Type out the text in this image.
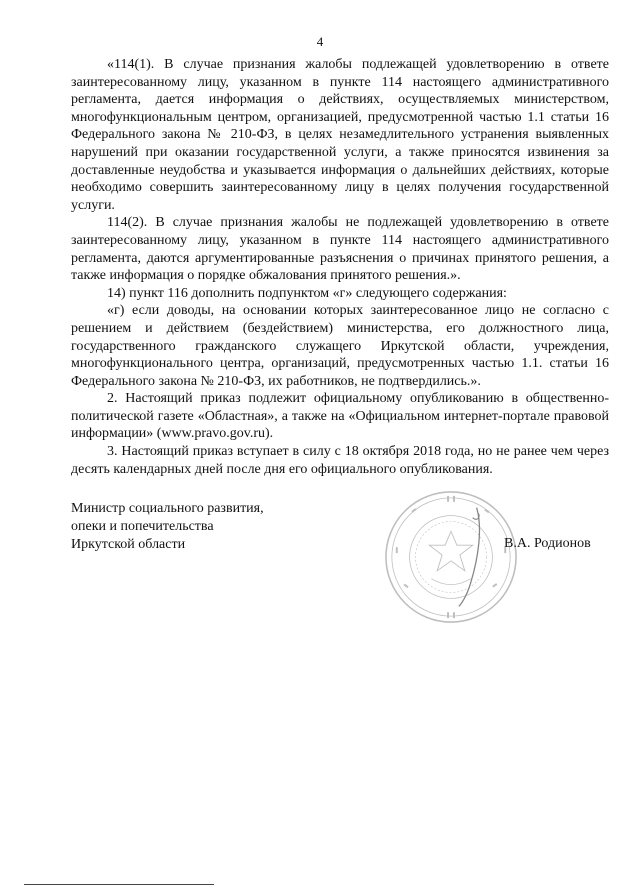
4

«114(1). В случае признания жалобы подлежащей удовлетворению в ответе заинтересованному лицу, указанном в пункте 114 настоящего административного регламента, дается информация о действиях, осуществляемых министерством, многофункциональным центром, организацией, предусмотренной частью 1.1 статьи 16 Федерального закона № 210-ФЗ, в целях незамедлительного устранения выявленных нарушений при оказании государственной услуги, а также приносятся извинения за доставленные неудобства и указывается информация о дальнейших действиях, которые необходимо совершить заинтересованному лицу в целях получения государственной услуги.

114(2). В случае признания жалобы не подлежащей удовлетворению в ответе заинтересованному лицу, указанном в пункте 114 настоящего административного регламента, даются аргументированные разъяснения о причинах принятого решения, а также информация о порядке обжалования принятого решения.».

14) пункт 116 дополнить подпунктом «г» следующего содержания:

«г) если доводы, на основании которых заинтересованное лицо не согласно с решением и действием (бездействием) министерства, его должностного лица, государственного гражданского служащего Иркутской области, учреждения, многофункционального центра, организаций, предусмотренных частью 1.1. статьи 16 Федерального закона № 210-ФЗ, их работников, не подтвердились.».

2. Настоящий приказ подлежит официальному опубликованию в общественно-политической газете «Областная», а также на «Официальном интернет-портале правовой информации» (www.pravo.gov.ru).

3. Настоящий приказ вступает в силу с 18 октября 2018 года, но не ранее чем через десять календарных дней после дня его официального опубликования.

Министр социального развития,
опеки и попечительства
Иркутской области	В.А. Родионов
